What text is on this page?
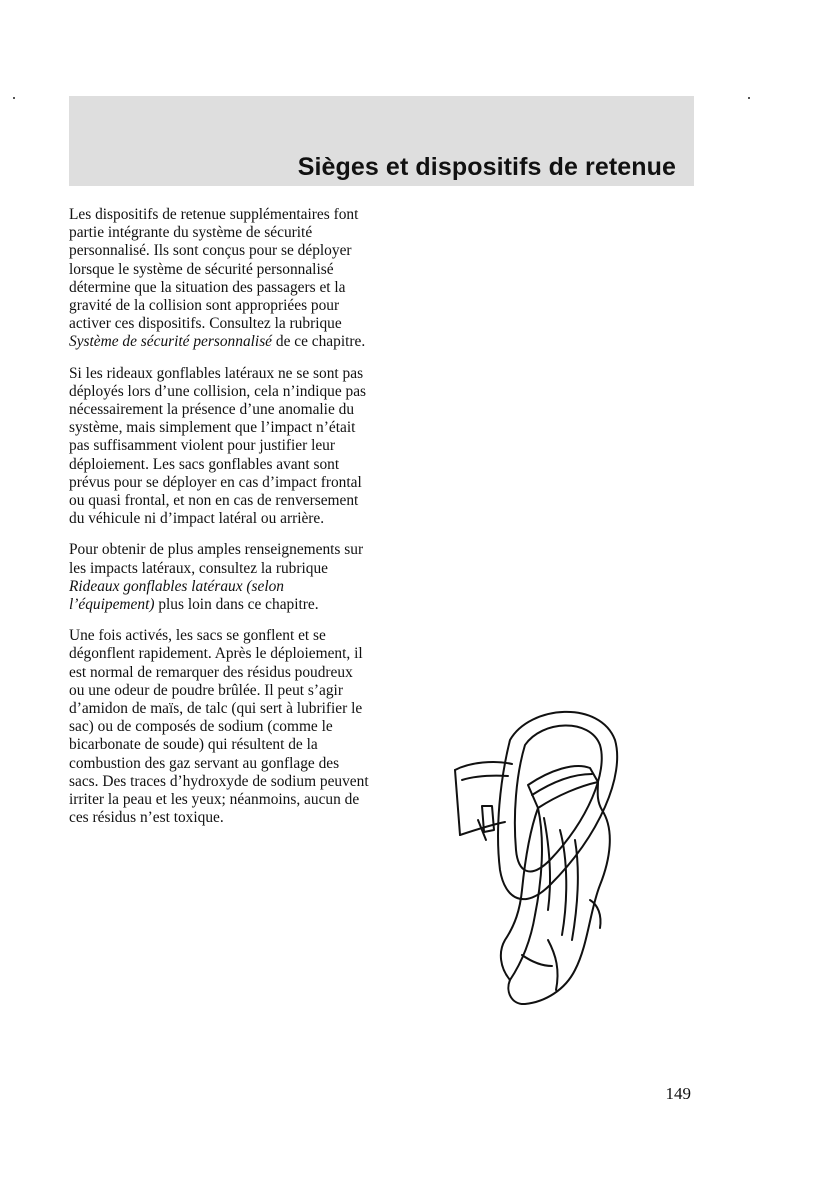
Sièges et dispositifs de retenue

Les dispositifs de retenue supplémentaires font partie intégrante du système de sécurité personnalisé. Ils sont conçus pour se déployer lorsque le système de sécurité personnalisé détermine que la situation des passagers et la gravité de la collision sont appropriées pour activer ces dispositifs. Consultez la rubrique Système de sécurité personnalisé de ce chapitre.

Si les rideaux gonflables latéraux ne se sont pas déployés lors d’une collision, cela n’indique pas nécessairement la présence d’une anomalie du système, mais simplement que l’impact n’était pas suffisamment violent pour justifier leur déploiement. Les sacs gonflables avant sont prévus pour se déployer en cas d’impact frontal ou quasi frontal, et non en cas de renversement du véhicule ni d’impact latéral ou arrière.

Pour obtenir de plus amples renseignements sur les impacts latéraux, consultez la rubrique Rideaux gonflables latéraux (selon l’équipement) plus loin dans ce chapitre.

Une fois activés, les sacs se gonflent et se dégonflent rapidement. Après le déploiement, il est normal de remarquer des résidus poudreux ou une odeur de poudre brûlée. Il peut s’agir d’amidon de maïs, de talc (qui sert à lubrifier le sac) ou de composés de sodium (comme le bicarbonate de soude) qui résultent de la combustion des gaz servant au gonflage des sacs. Des traces d’hydroxyde de sodium peuvent irriter la peau et les yeux; néanmoins, aucun de ces résidus n’est toxique.

149
